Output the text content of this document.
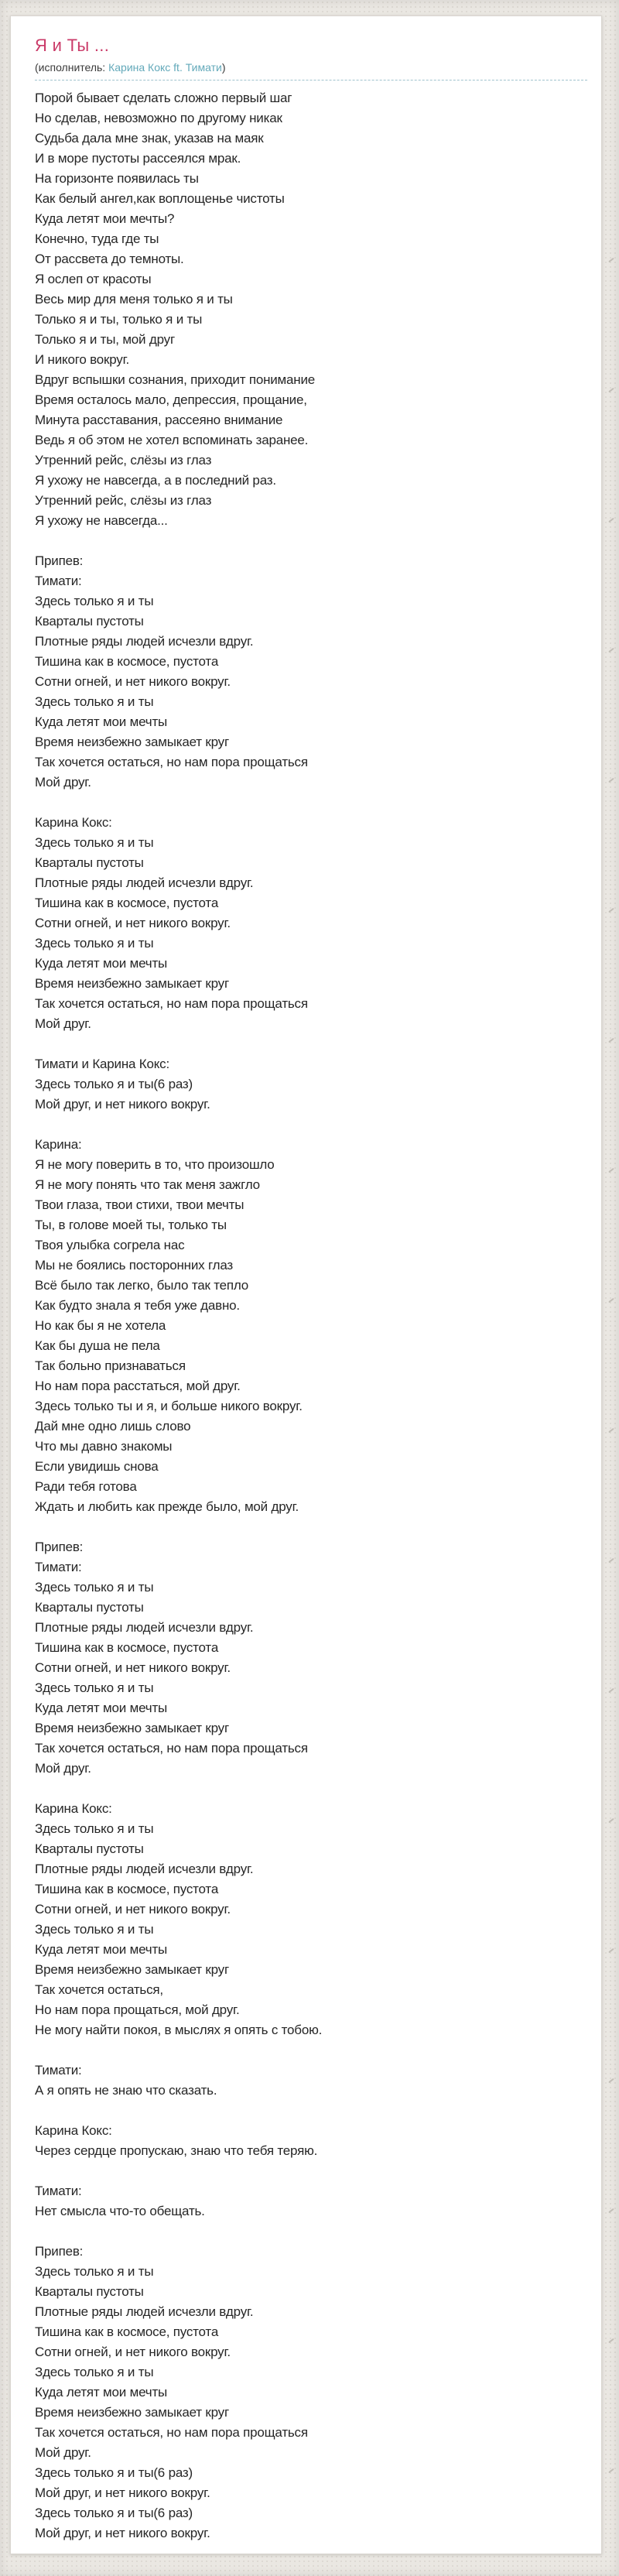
Я и Ты ...
(исполнитель: Карина Кокс ft. Тимати)
Порой бывает сделать сложно первый шаг
Но сделав, невозможно по другому никак
Судьба дала мне знак, указав на маяк
И в море пустоты рассеялся мрак.
На горизонте появилась ты
Как белый ангел,как воплощенье чистоты
Куда летят мои мечты?
Конечно, туда где ты
От рассвета до темноты.
Я ослеп от красоты
Весь мир для меня только я и ты
Только я и ты, только я и ты
Только я и ты, мой друг
И никого вокруг.
Вдруг вспышки сознания, приходит понимание
Время осталось мало, депрессия, прощание,
Минута расставания, рассеяно внимание
Ведь я об этом не хотел вспоминать заранее.
Утренний рейс, слёзы из глаз
Я ухожу не навсегда, а в последний раз.
Утренний рейс, слёзы из глаз
Я ухожу не навсегда...
Припев:
Тимати:
Здесь только я и ты
Кварталы пустоты
Плотные ряды людей исчезли вдруг.
Тишина как в космосе, пустота
Сотни огней, и нет никого вокруг.
Здесь только я и ты
Куда летят мои мечты
Время неизбежно замыкает круг
Так хочется остаться, но нам пора прощаться
Мой друг.
Карина Кокс:
Здесь только я и ты
Кварталы пустоты
Плотные ряды людей исчезли вдруг.
Тишина как в космосе, пустота
Сотни огней, и нет никого вокруг.
Здесь только я и ты
Куда летят мои мечты
Время неизбежно замыкает круг
Так хочется остаться, но нам пора прощаться
Мой друг.
Тимати и Карина Кокс:
Здесь только я и ты(6 раз)
Мой друг, и нет никого вокруг.
Карина:
Я не могу поверить в то, что произошло
Я не могу понять что так меня зажгло
Твои глаза, твои стихи, твои мечты
Ты, в голове моей ты, только ты
Твоя улыбка согрела нас
Мы не боялись посторонних глаз
Всё было так легко, было так тепло
Как будто знала я тебя уже давно.
Но как бы я не хотела
Как бы душа не пела
Так больно признаваться
Но нам пора расстаться, мой друг.
Здесь только ты и я, и больше никого вокруг.
Дай мне одно лишь слово
Что мы давно знакомы
Если увидишь снова
Ради тебя готова
Ждать и любить как прежде было, мой друг.
Припев:
Тимати:
Здесь только я и ты
Кварталы пустоты
Плотные ряды людей исчезли вдруг.
Тишина как в космосе, пустота
Сотни огней, и нет никого вокруг.
Здесь только я и ты
Куда летят мои мечты
Время неизбежно замыкает круг
Так хочется остаться, но нам пора прощаться
Мой друг.
Карина Кокс:
Здесь только я и ты
Кварталы пустоты
Плотные ряды людей исчезли вдруг.
Тишина как в космосе, пустота
Сотни огней, и нет никого вокруг.
Здесь только я и ты
Куда летят мои мечты
Время неизбежно замыкает круг
Так хочется остаться,
Но нам пора прощаться, мой друг.
Не могу найти покоя, в мыслях я опять с тобою.
Тимати:
А я опять не знаю что сказать.
Карина Кокс:
Через сердце пропускаю, знаю что тебя теряю.
Тимати:
Нет смысла что-то обещать.
Припев:
Здесь только я и ты
Кварталы пустоты
Плотные ряды людей исчезли вдруг.
Тишина как в космосе, пустота
Сотни огней, и нет никого вокруг.
Здесь только я и ты
Куда летят мои мечты
Время неизбежно замыкает круг
Так хочется остаться, но нам пора прощаться
Мой друг.
Здесь только я и ты(6 раз)
Мой друг, и нет никого вокруг.
Здесь только я и ты(6 раз)
Мой друг, и нет никого вокруг.
